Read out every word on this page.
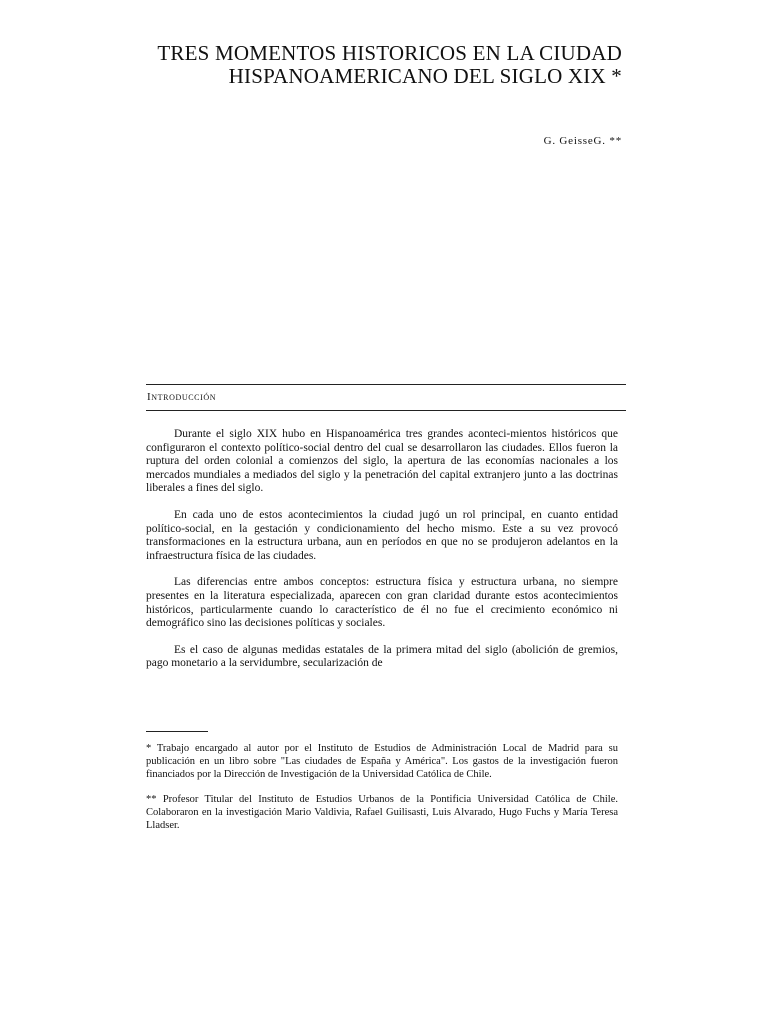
TRES MOMENTOS HISTORICOS EN LA CIUDAD
HISPANOAMERICANO DEL SIGLO XIX *
G. GeisseG. **
Introducción

Durante el siglo XIX hubo en Hispanoamérica tres grandes aconteci-mientos históricos que configuraron el contexto político-social dentro del cual se desarrollaron las ciudades. Ellos fueron la ruptura del orden colonial a comienzos del siglo, la apertura de las economías nacionales a los mercados mundiales a mediados del siglo y la penetración del capital extranjero junto a las doctrinas liberales a fines del siglo.

En cada uno de estos acontecimientos la ciudad jugó un rol principal, en cuanto entidad político-social, en la gestación y condicionamiento del hecho mismo. Este a su vez provocó transformaciones en la estructura urbana, aun en períodos en que no se produjeron adelantos en la infraestructura física de las ciudades.

Las diferencias entre ambos conceptos: estructura física y estructura urbana, no siempre presentes en la literatura especializada, aparecen con gran claridad durante estos acontecimientos históricos, particularmente cuando lo característico de él no fue el crecimiento económico ni demográfico sino las decisiones políticas y sociales.

Es el caso de algunas medidas estatales de la primera mitad del siglo (abolición de gremios, pago monetario a la servidumbre, secularización de

* Trabajo encargado al autor por el Instituto de Estudios de Administración Local de Madrid para su publicación en un libro sobre "Las ciudades de España y América". Los gastos de la investigación fueron financiados por la Dirección de Investigación de la Universidad Católica de Chile.

** Profesor Titular del Instituto de Estudios Urbanos de la Pontificia Universidad Católica de Chile. Colaboraron en la investigación Mario Valdivia, Rafael Guilisasti, Luis Alvarado, Hugo Fuchs y María Teresa Lladser.
